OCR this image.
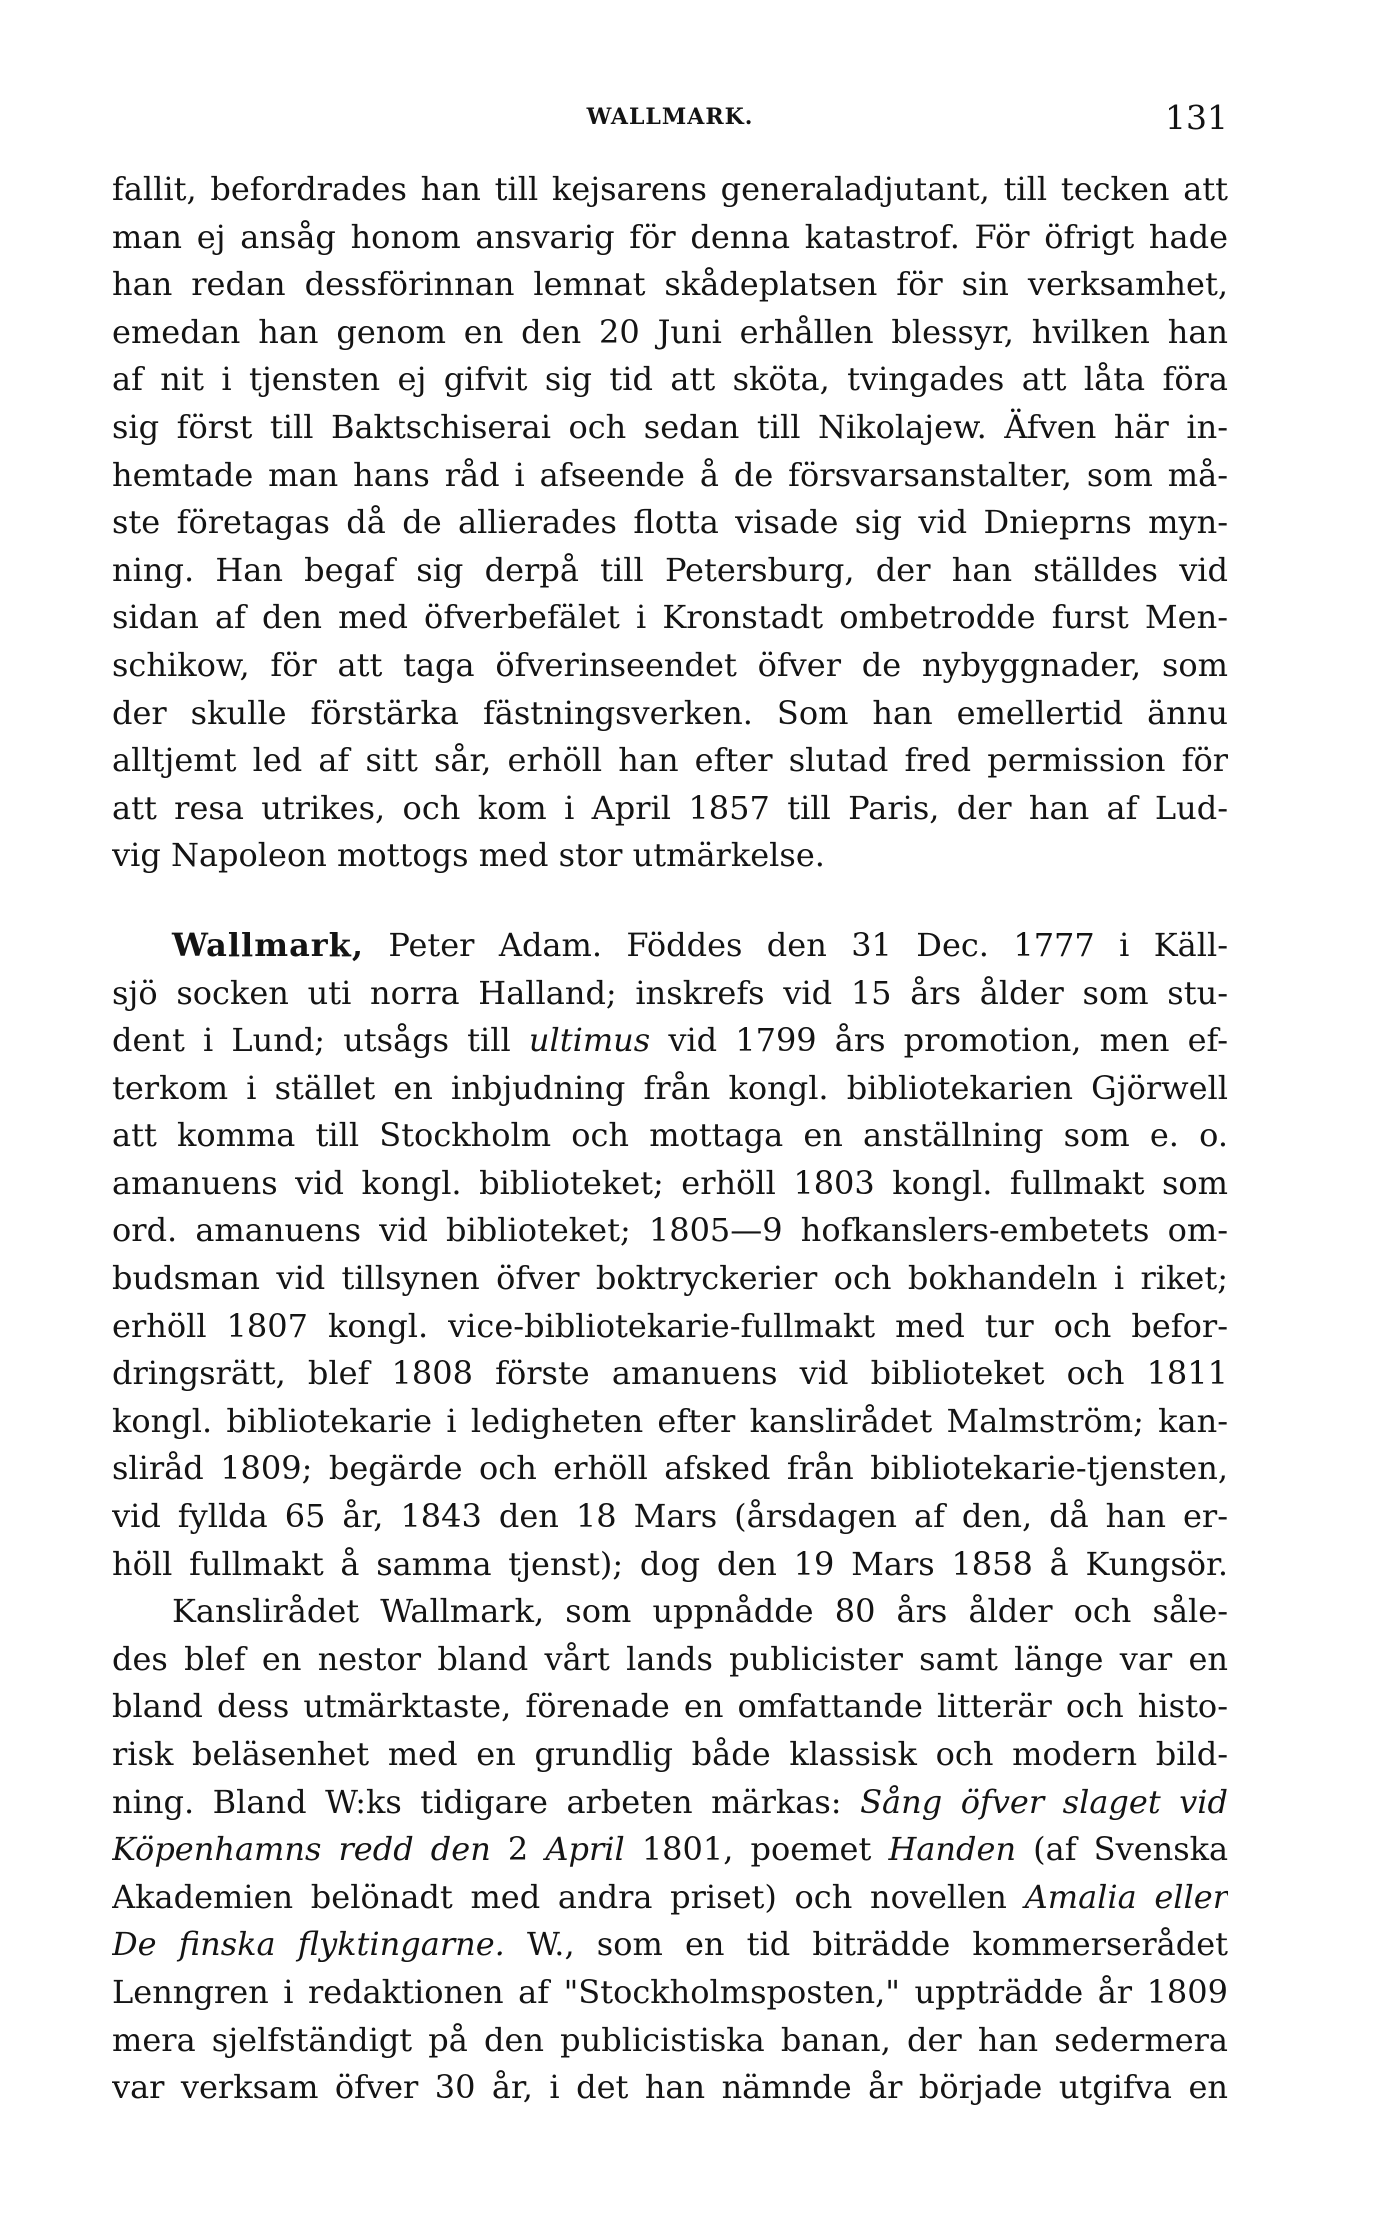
WALLMARK.	131
fallit, befordrades han till kejsarens generaladjutant, till tecken att
man ej ansåg honom ansvarig för denna katastrof. För öfrigt hade
han redan dessförinnan lemnat skådeplatsen för sin verksamhet,
emedan han genom en den 20 Juni erhållen blessyr, hvilken han
af nit i tjensten ej gifvit sig tid att sköta, tvingades att låta föra
sig först till Baktschiserai och sedan till Nikolajew. Äfven här in-
hemtade man hans råd i afseende å de försvarsanstalter, som må-
ste företagas då de allierades flotta visade sig vid Dnieprns myn-
ning. Han begaf sig derpå till Petersburg, der han ställdes vid
sidan af den med öfverbefälet i Kronstadt ombetrodde furst Men-
schikow, för att taga öfverinseendet öfver de nybyggnader, som
der skulle förstärka fästningsverken. Som han emellertid ännu
alltjemt led af sitt sår, erhöll han efter slutad fred permission för
att resa utrikes, och kom i April 1857 till Paris, der han af Lud-
vig Napoleon mottogs med stor utmärkelse.
Wallmark, Peter Adam. Föddes den 31 Dec. 1777 i Käll-
sjö socken uti norra Halland; inskrefs vid 15 års ålder som stu-
dent i Lund; utsågs till ultimus vid 1799 års promotion, men ef-
terkom i stället en inbjudning från kongl. bibliotekarien Gjörwell
att komma till Stockholm och mottaga en anställning som e. o.
amanuens vid kongl. biblioteket; erhöll 1803 kongl. fullmakt som
ord. amanuens vid biblioteket; 1805—9 hofkanslers-embetets om-
budsman vid tillsynen öfver boktryckerier och bokhandeln i riket;
erhöll 1807 kongl. vice-bibliotekarie-fullmakt med tur och befor-
dringsrätt, blef 1808 förste amanuens vid biblioteket och 1811
kongl. bibliotekarie i ledigheten efter kanslirådet Malmström; kan-
sliråd 1809; begärde och erhöll afsked från bibliotekarie-tjensten,
vid fyllda 65 år, 1843 den 18 Mars (årsdagen af den, då han er-
höll fullmakt å samma tjenst); dog den 19 Mars 1858 å Kungsör.
Kanslirådet Wallmark, som uppnådde 80 års ålder och såle-
des blef en nestor bland vårt lands publicister samt länge var en
bland dess utmärktaste, förenade en omfattande litterär och histo-
risk beläsenhet med en grundlig både klassisk och modern bild-
ning. Bland W:ks tidigare arbeten märkas: Sång öfver slaget vid
Köpenhamns redd den 2 April 1801, poemet Handen (af Svenska
Akademien belönadt med andra priset) och novellen Amalia eller
De finska flyktingarne. W., som en tid biträdde kommerserådet
Lenngren i redaktionen af "Stockholmsposten," uppträdde år 1809
mera sjelfständigt på den publicistiska banan, der han sedermera
var verksam öfver 30 år, i det han nämnde år började utgifva en
